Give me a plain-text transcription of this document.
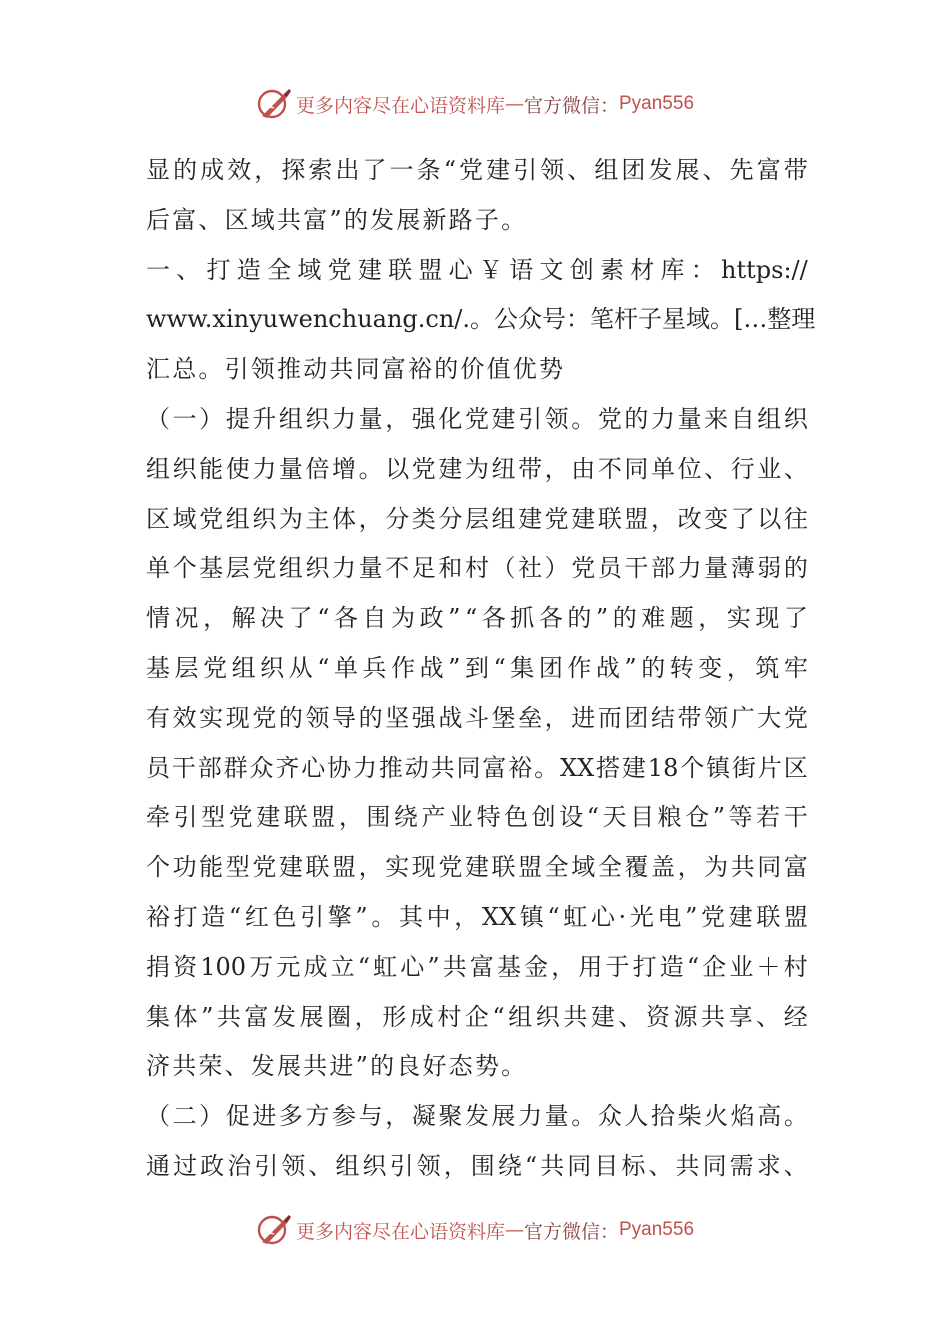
更多内容尽在心语资料库 — 官方微信： Pyan556
显 的 成 效 ， 探 索 出 了 一 条 “ 党 建 引 领 、 组 团 发 展 、 先 富 带
后富、区域共富”的发展新路子。
一 、 打 造 全 域 党 建 联 盟 心 ￥ 语 文 创 素 材 库 ： https://
www.xinyuwenchuang.cn/. 。 公 众 号 ： 笔 杆 子 星 域 。 [ … 整 理
汇总。引领推动共同富裕的价值优势
（ 一 ） 提 升 组 织 力 量 ， 强 化 党 建 引 领 。 党 的 力 量 来 自 组 织
组 织 能 使 力 量 倍 增 。 以 党 建 为 纽 带 ， 由 不 同 单 位 、 行 业 、
区 域 党 组 织 为 主 体 ， 分 类 分 层 组 建 党 建 联 盟 ， 改 变 了 以 往
单 个 基 层 党 组 织 力 量 不 足 和 村 （ 社 ） 党 员 干 部 力 量 薄 弱 的
情 况 ， 解 决 了 “ 各 自 为 政 ” “ 各 抓 各 的 ” 的 难 题 ， 实 现 了
基 层 党 组 织 从 “ 单 兵 作 战 ” 到 “ 集 团 作 战 ” 的 转 变 ， 筑 牢
有 效 实 现 党 的 领 导 的 坚 强 战 斗 堡 垒 ， 进 而 团 结 带 领 广 大 党
员 干 部 群 众 齐 心 协 力 推 动 共 同 富 裕 。 XX 搭 建 18 个 镇 街 片 区
牵 引 型 党 建 联 盟 ， 围 绕 产 业 特 色 创 设 “ 天 目 粮 仓 ” 等 若 干
个 功 能 型 党 建 联 盟 ， 实 现 党 建 联 盟 全 域 全 覆 盖 ， 为 共 同 富
裕 打 造 “ 红 色 引 擎 ” 。 其 中 ， XX 镇 “ 虹 心 · 光 电 ” 党 建 联 盟
捐 资 100 万 元 成 立 “ 虹 心 ” 共 富 基 金 ， 用 于 打 造 “ 企 业 ＋ 村
集 体 ” 共 富 发 展 圈 ， 形 成 村 企 “ 组 织 共 建 、 资 源 共 享 、 经
济共荣、发展共进”的良好态势。
（ 二 ） 促 进 多 方 参 与 ， 凝 聚 发 展 力 量 。 众 人 拾 柴 火 焰 高 。
通 过 政 治 引 领 、 组 织 引 领 ， 围 绕 “ 共 同 目 标 、 共 同 需 求 、
更多内容尽在心语资料库 — 官方微信： Pyan556
